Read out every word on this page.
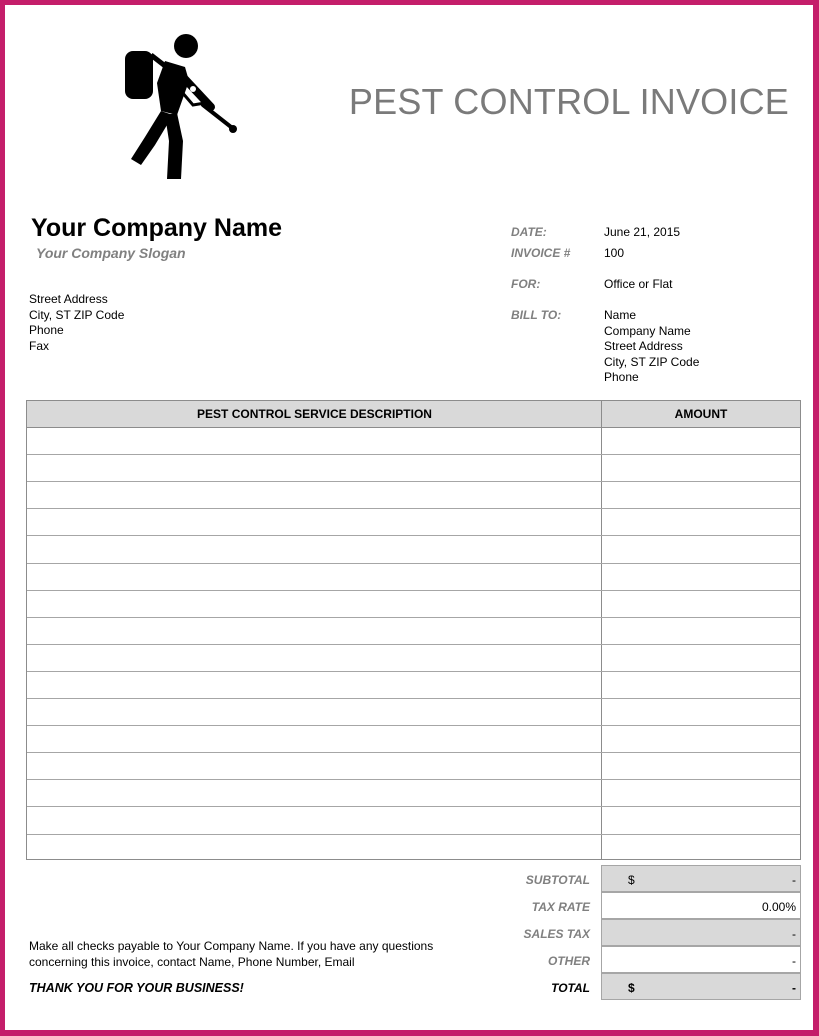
PEST CONTROL INVOICE
Your Company Name
Your Company Slogan
Street Address
City, ST ZIP Code
Phone
Fax
DATE:	June 21, 2015
INVOICE #	100
FOR:	Office or Flat
BILL TO:	Name
Company Name
Street Address
City, ST ZIP Code
Phone
PEST CONTROL SERVICE DESCRIPTION	AMOUNT
SUBTOTAL	$	-
TAX RATE	0.00%
SALES TAX	-
OTHER	-
TOTAL	$	-
Make all checks payable to Your Company Name. If you have any questions
concerning this invoice, contact Name, Phone Number, Email
THANK YOU FOR YOUR BUSINESS!
